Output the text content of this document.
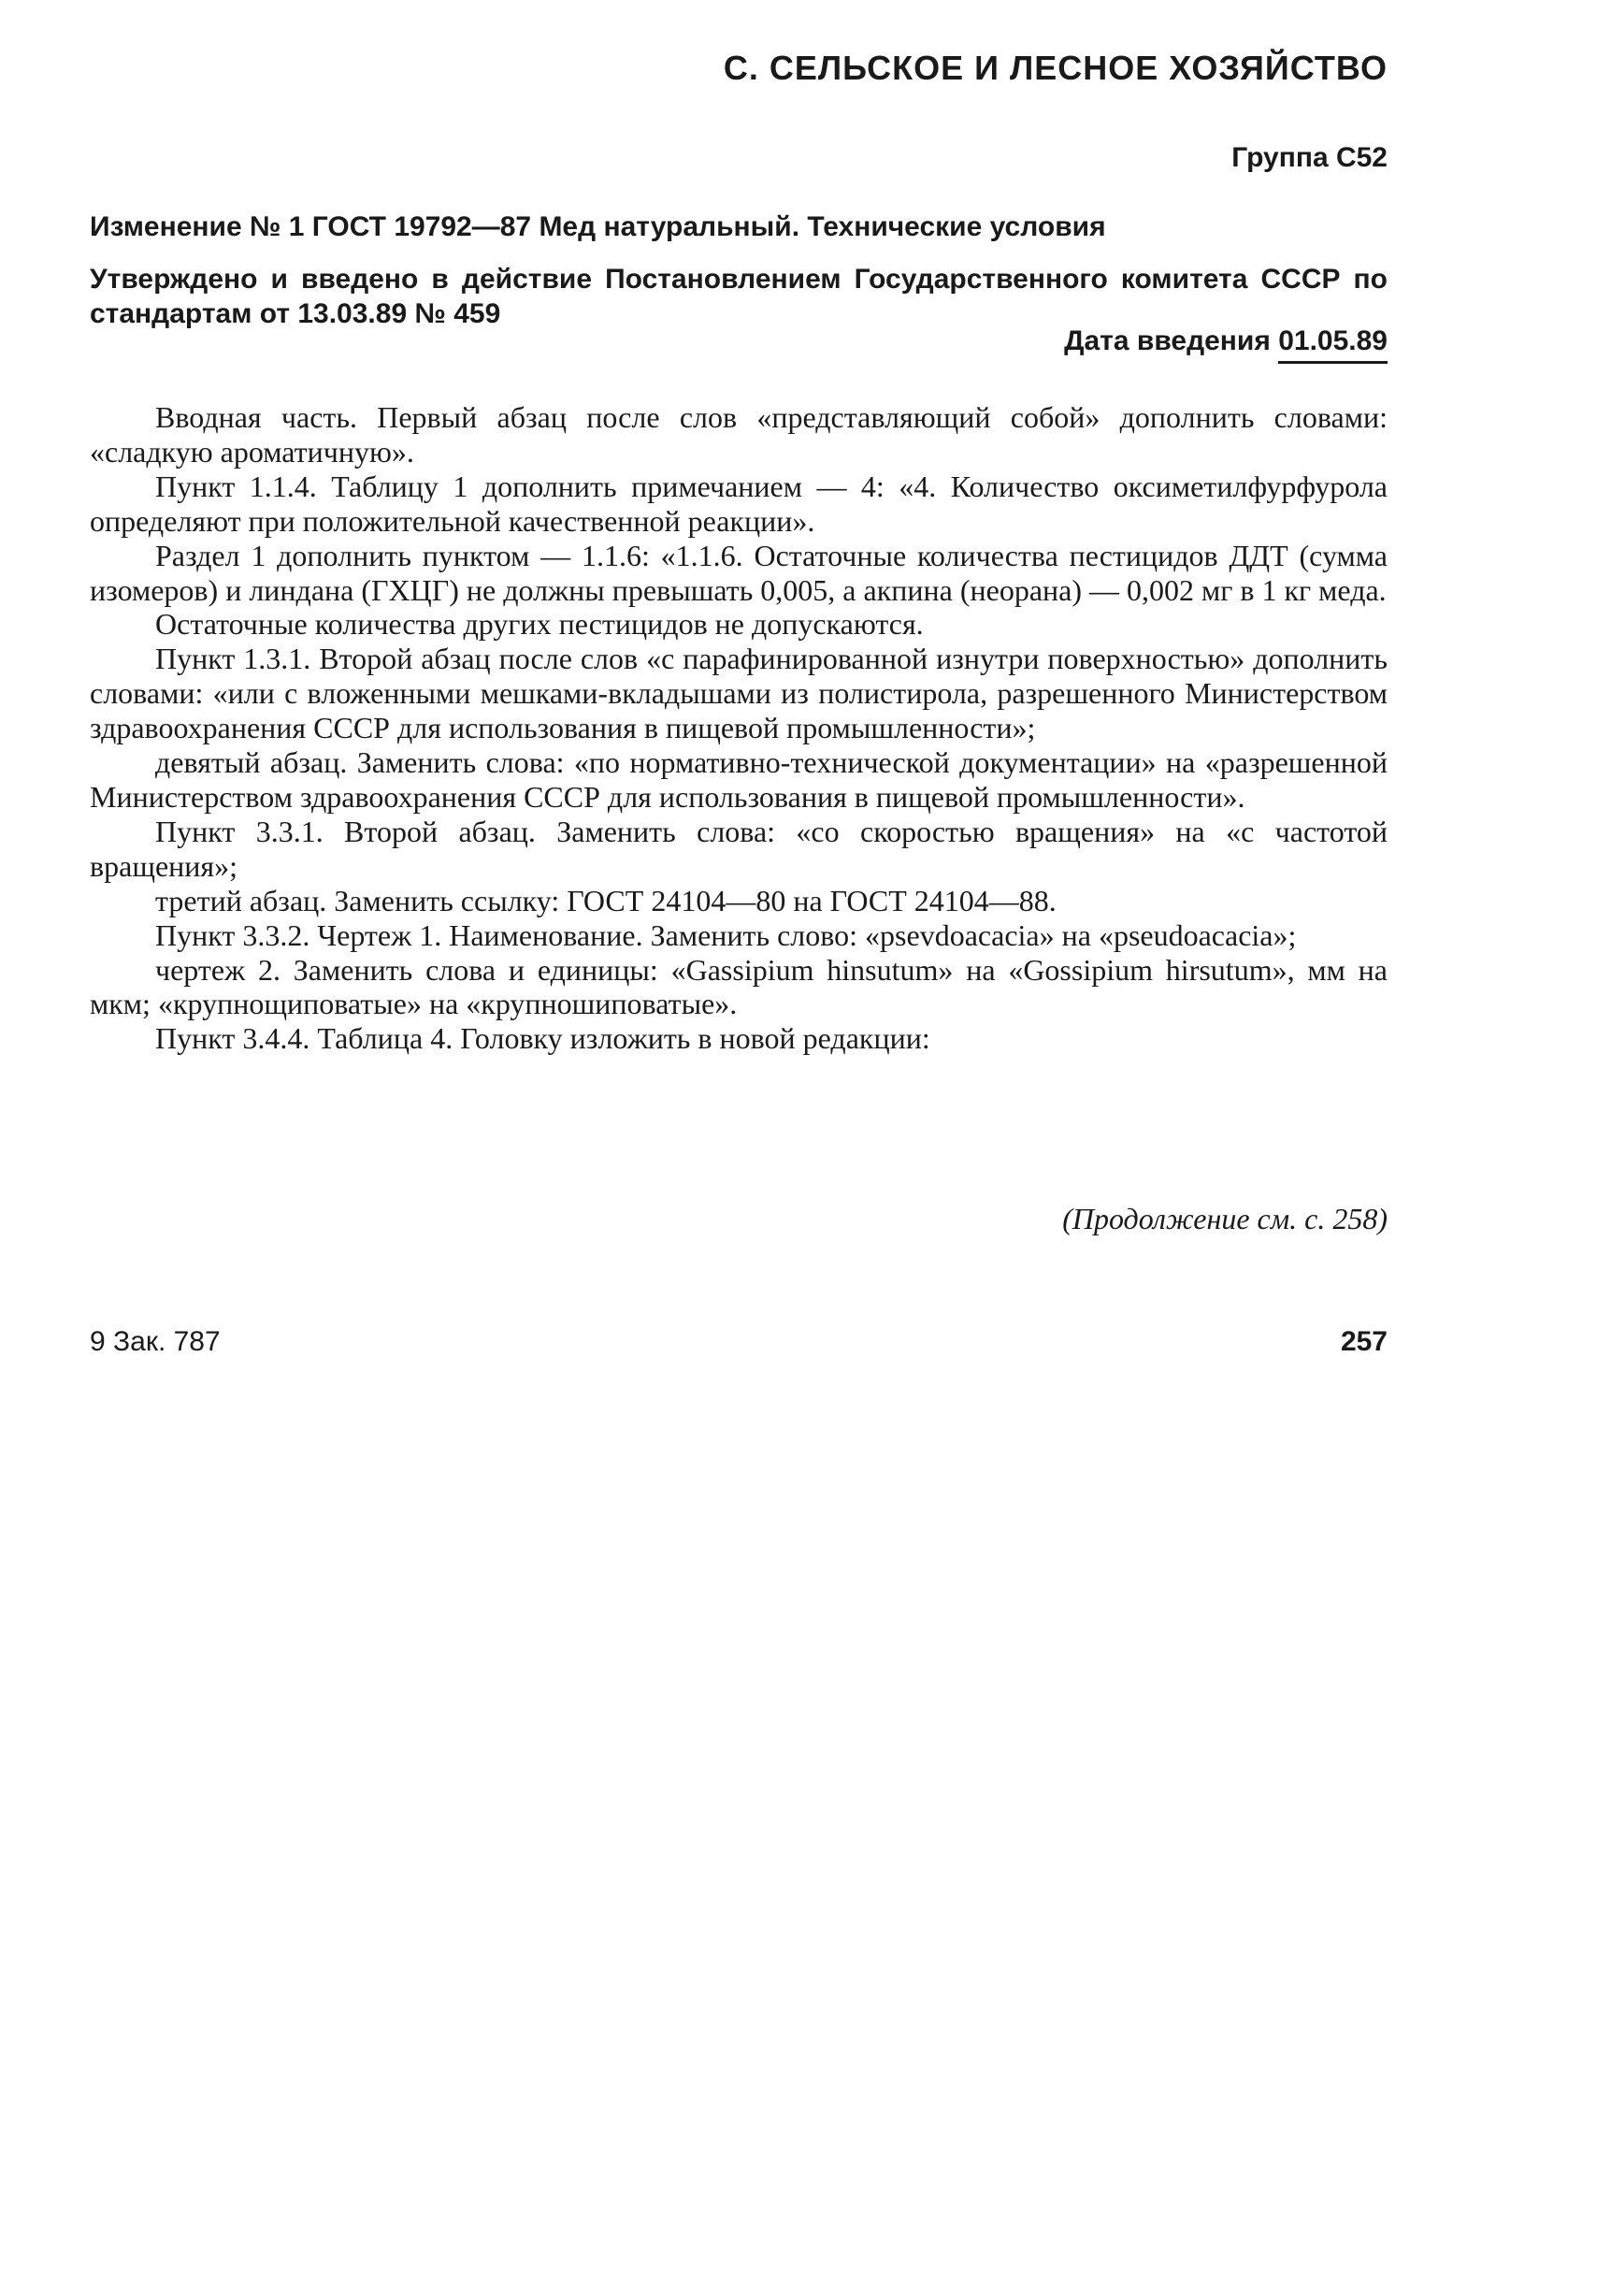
С. СЕЛЬСКОЕ И ЛЕСНОЕ ХОЗЯЙСТВО
Группа С52
Изменение № 1 ГОСТ 19792—87 Мед натуральный. Технические условия
Утверждено и введено в действие Постановлением Государственного комитета СССР по стандартам от 13.03.89 № 459
Дата введения 01.05.89

Вводная часть. Первый абзац после слов «представляющий собой» дополнить словами: «сладкую ароматичную».

Пункт 1.1.4. Таблицу 1 дополнить примечанием — 4: «4. Количество оксиметилфурфурола определяют при положительной качественной реакции».

Раздел 1 дополнить пунктом — 1.1.6: «1.1.6. Остаточные количества пестицидов ДДТ (сумма изомеров) и линдана (ГХЦГ) не должны превышать 0,005, а акпина (неорана) — 0,002 мг в 1 кг меда.

Остаточные количества других пестицидов не допускаются.

Пункт 1.3.1. Второй абзац после слов «с парафинированной изнутри поверхностью» дополнить словами: «или с вложенными мешками-вкладышами из полистирола, разрешенного Министерством здравоохранения СССР для использования в пищевой промышленности»;

девятый абзац. Заменить слова: «по нормативно-технической документации» на «разрешенной Министерством здравоохранения СССР для использования в пищевой промышленности».

Пункт 3.3.1. Второй абзац. Заменить слова: «со скоростью вращения» на «с частотой вращения»;

третий абзац. Заменить ссылку: ГОСТ 24104—80 на ГОСТ 24104—88.

Пункт 3.3.2. Чертеж 1. Наименование. Заменить слово: «psevdoacacia» на «pseudoacacia»;

чертеж 2. Заменить слова и единицы: «Gassipium hinsutum» на «Gossipium hirsutum», мм на мкм; «крупнощиповатые» на «крупношиповатые».

Пункт 3.4.4. Таблица 4. Головку изложить в новой редакции:

(Продолжение см. с. 258)
9 Зак. 787	257
